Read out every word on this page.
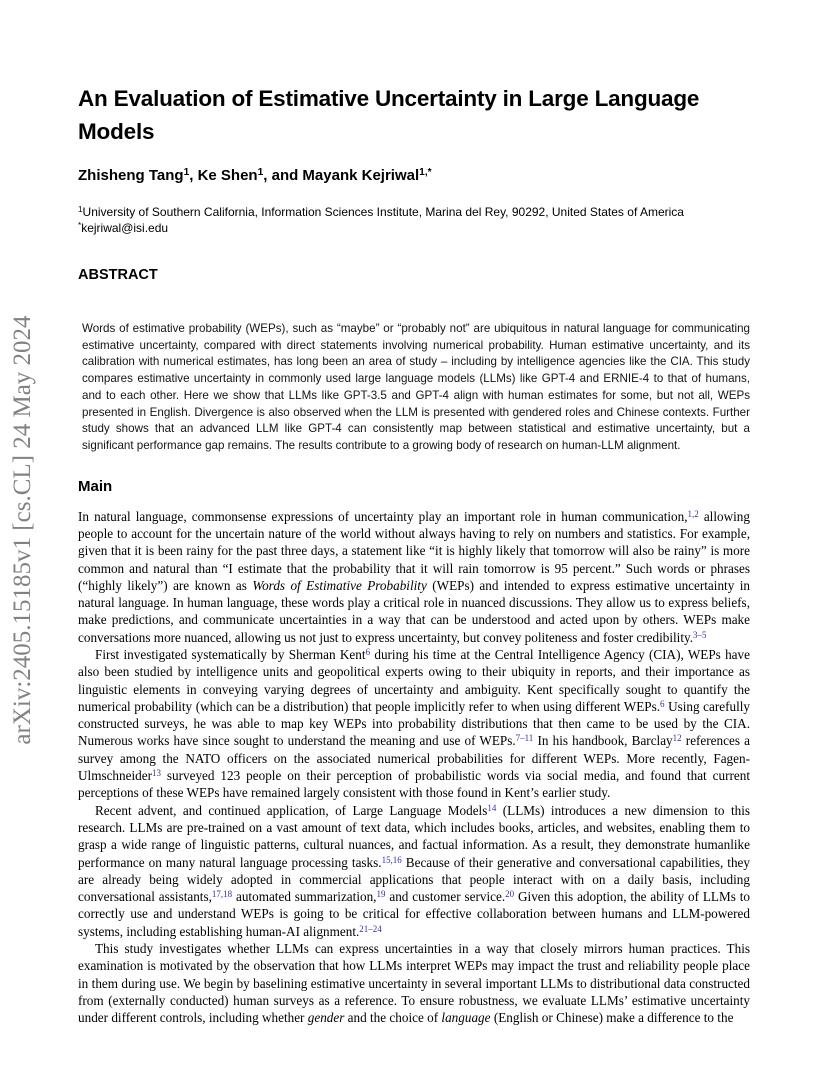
arXiv:2405.15185v1 [cs.CL] 24 May 2024
An Evaluation of Estimative Uncertainty in Large Language Models
Zhisheng Tang$^1$, Ke Shen$^1$, and Mayank Kejriwal$^{1,*}$
$^1$University of Southern California, Information Sciences Institute, Marina del Rey, 90292, United States of America
*kejriwal@isi.edu
ABSTRACT
Words of estimative probability (WEPs), such as “maybe” or “probably not” are ubiquitous in natural language for communicating estimative uncertainty, compared with direct statements involving numerical probability. Human estimative uncertainty, and its calibration with numerical estimates, has long been an area of study – including by intelligence agencies like the CIA. This study compares estimative uncertainty in commonly used large language models (LLMs) like GPT-4 and ERNIE-4 to that of humans, and to each other. Here we show that LLMs like GPT-3.5 and GPT-4 align with human estimates for some, but not all, WEPs presented in English. Divergence is also observed when the LLM is presented with gendered roles and Chinese contexts. Further study shows that an advanced LLM like GPT-4 can consistently map between statistical and estimative uncertainty, but a significant performance gap remains. The results contribute to a growing body of research on human-LLM alignment.
Main

In natural language, commonsense expressions of uncertainty play an important role in human communication,$^{1,2}$ allowing people to account for the uncertain nature of the world without always having to rely on numbers and statistics. For example, given that it is been rainy for the past three days, a statement like “it is highly likely that tomorrow will also be rainy” is more common and natural than “I estimate that the probability that it will rain tomorrow is 95 percent.” Such words or phrases (“highly likely”) are known as Words of Estimative Probability (WEPs) and intended to express estimative uncertainty in natural language. In human language, these words play a critical role in nuanced discussions. They allow us to express beliefs, make predictions, and communicate uncertainties in a way that can be understood and acted upon by others. WEPs make conversations more nuanced, allowing us not just to express uncertainty, but convey politeness and foster credibility.$^{3-5}$

First investigated systematically by Sherman Kent$^6$ during his time at the Central Intelligence Agency (CIA), WEPs have also been studied by intelligence units and geopolitical experts owing to their ubiquity in reports, and their importance as linguistic elements in conveying varying degrees of uncertainty and ambiguity. Kent specifically sought to quantify the numerical probability (which can be a distribution) that people implicitly refer to when using different WEPs.$^6$ Using carefully constructed surveys, he was able to map key WEPs into probability distributions that then came to be used by the CIA. Numerous works have since sought to understand the meaning and use of WEPs.$^{7-11}$ In his handbook, Barclay$^{12}$ references a survey among the NATO officers on the associated numerical probabilities for different WEPs. More recently, Fagen-Ulmschneider$^{13}$ surveyed 123 people on their perception of probabilistic words via social media, and found that current perceptions of these WEPs have remained largely consistent with those found in Kent’s earlier study.

Recent advent, and continued application, of Large Language Models$^{14}$ (LLMs) introduces a new dimension to this research. LLMs are pre-trained on a vast amount of text data, which includes books, articles, and websites, enabling them to grasp a wide range of linguistic patterns, cultural nuances, and factual information. As a result, they demonstrate humanlike performance on many natural language processing tasks.$^{15,16}$ Because of their generative and conversational capabilities, they are already being widely adopted in commercial applications that people interact with on a daily basis, including conversational assistants,$^{17,18}$ automated summarization,$^{19}$ and customer service.$^{20}$ Given this adoption, the ability of LLMs to correctly use and understand WEPs is going to be critical for effective collaboration between humans and LLM-powered systems, including establishing human-AI alignment.$^{21-24}$

This study investigates whether LLMs can express uncertainties in a way that closely mirrors human practices. This examination is motivated by the observation that how LLMs interpret WEPs may impact the trust and reliability people place in them during use. We begin by baselining estimative uncertainty in several important LLMs to distributional data constructed from (externally conducted) human surveys as a reference. To ensure robustness, we evaluate LLMs’ estimative uncertainty under different controls, including whether gender and the choice of language (English or Chinese) make a difference to the
